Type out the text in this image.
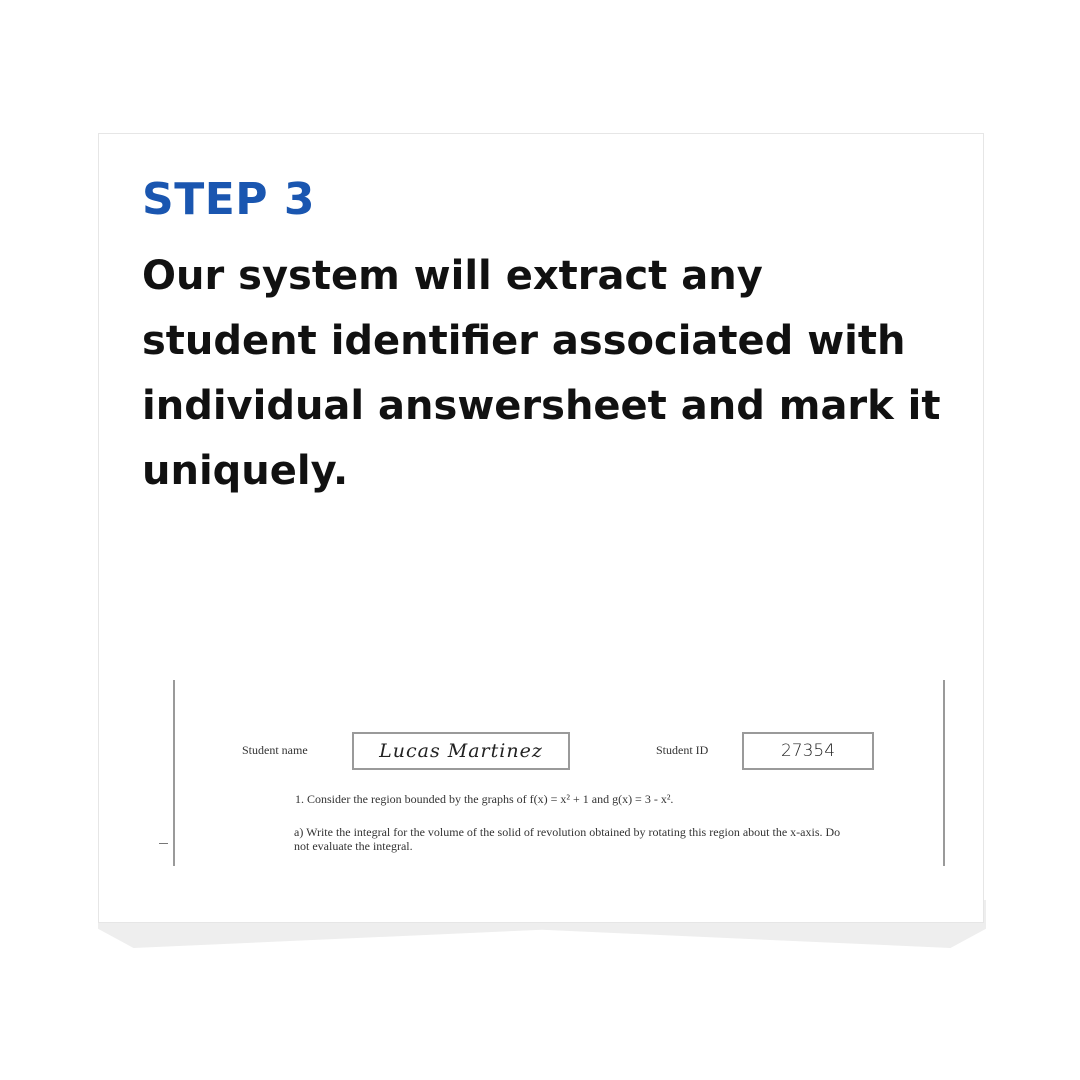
STEP 3

Our system will extract any student identifier associated with individual answersheet and mark it uniquely.

Student name	Lucas Martinez	Student ID	27354
1. Consider the region bounded by the graphs of f(x) = x² + 1 and g(x) = 3 - x².
a) Write the integral for the volume of the solid of revolution obtained by rotating this region about the x-axis. Do not evaluate the integral.
